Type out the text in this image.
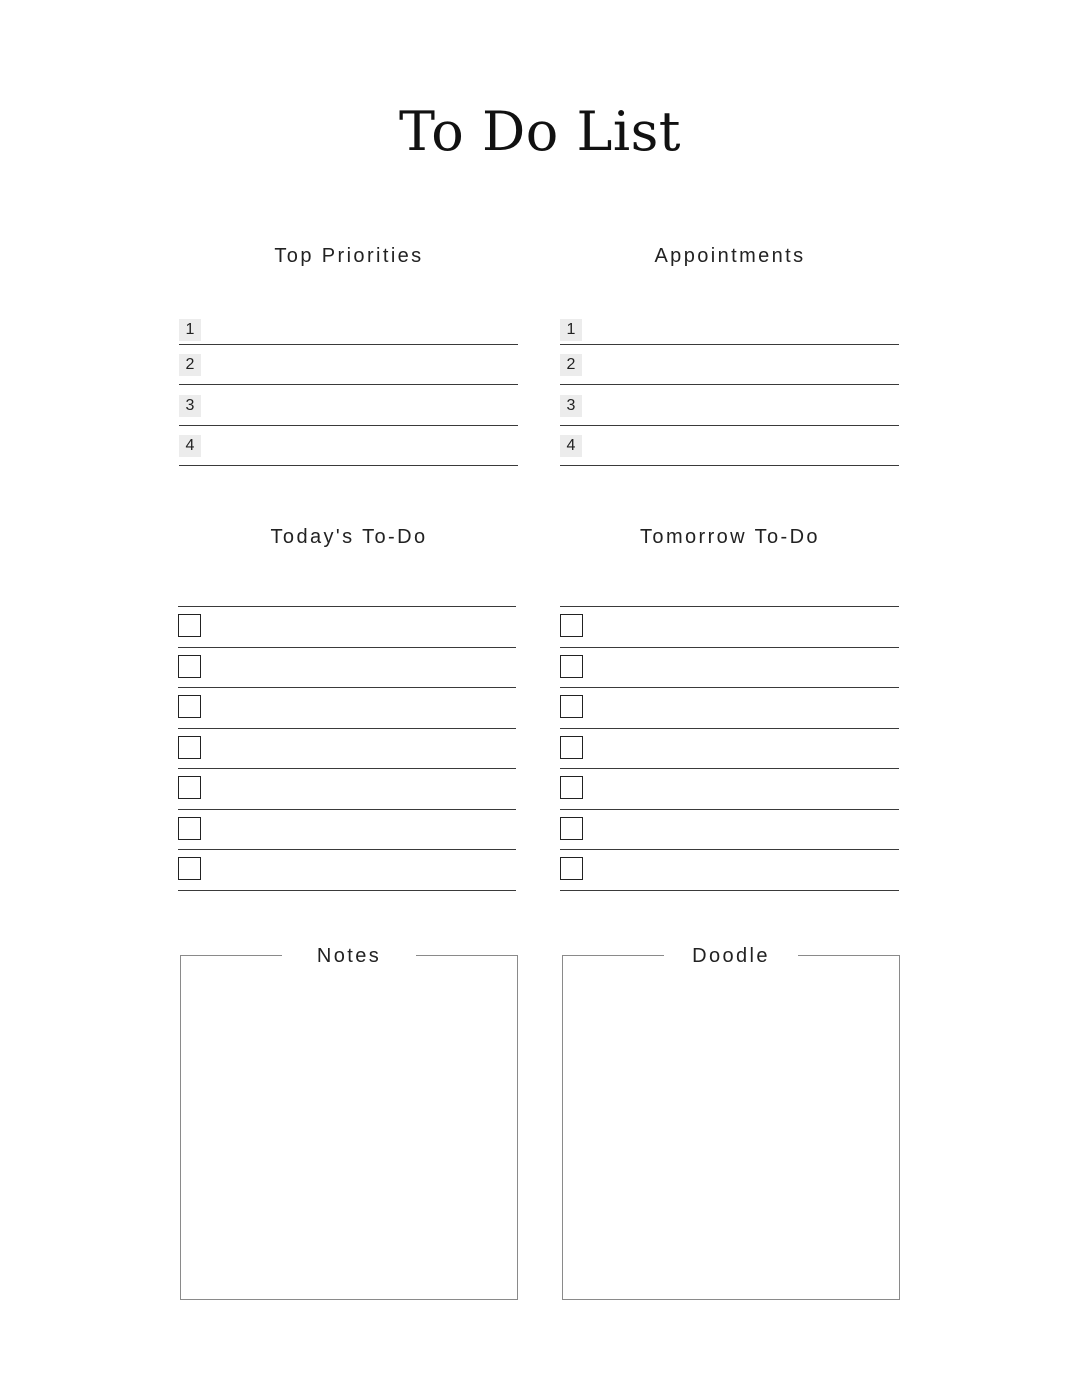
To Do List
Top Priorities
1
2
3
4
Appointments
1
2
3
4
Today's To-Do	Tomorrow To-Do
Notes	Doodle
